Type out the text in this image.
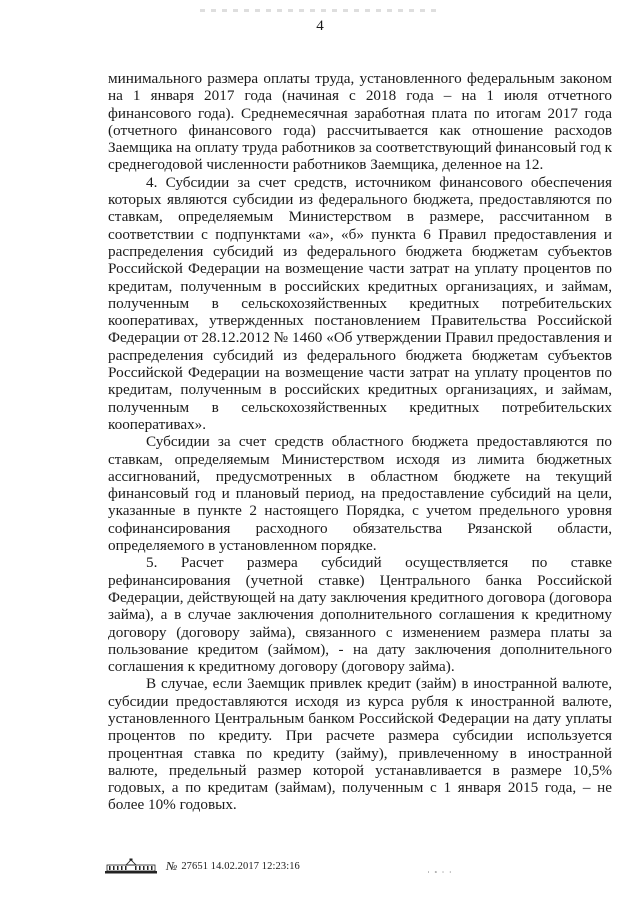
4

минимального размера оплаты труда, установленного федеральным законом на 1 января 2017 года (начиная с 2018 года – на 1 июля отчетного финансового года). Среднемесячная заработная плата по итогам 2017 года (отчетного финансового года) рассчитывается как отношение расходов Заемщика на оплату труда работников за соответствующий финансовый год к среднегодовой численности работников Заемщика, деленное на 12.

4. Субсидии за счет средств, источником финансового обеспечения которых являются субсидии из федерального бюджета, предоставляются по ставкам, определяемым Министерством в размере, рассчитанном в соответствии с подпунктами «а», «б» пункта 6 Правил предоставления и распределения субсидий из федерального бюджета бюджетам субъектов Российской Федерации на возмещение части затрат на уплату процентов по кредитам, полученным в российских кредитных организациях, и займам, полученным в сельскохозяйственных кредитных потребительских кооперативах, утвержденных постановлением Правительства Российской Федерации от 28.12.2012 № 1460 «Об утверждении Правил предоставления и распределения субсидий из федерального бюджета бюджетам субъектов Российской Федерации на возмещение части затрат на уплату процентов по кредитам, полученным в российских кредитных организациях, и займам, полученным в сельскохозяйственных кредитных потребительских кооперативах».

Субсидии за счет средств областного бюджета предоставляются по ставкам, определяемым Министерством исходя из лимита бюджетных ассигнований, предусмотренных в областном бюджете на текущий финансовый год и плановый период, на предоставление субсидий на цели, указанные в пункте 2 настоящего Порядка, с учетом предельного уровня софинансирования расходного обязательства Рязанской области, определяемого в установленном порядке.

5. Расчет размера субсидий осуществляется по ставке рефинансирования (учетной ставке) Центрального банка Российской Федерации, действующей на дату заключения кредитного договора (договора займа), а в случае заключения дополнительного соглашения к кредитному договору (договору займа), связанного с изменением размера платы за пользование кредитом (займом), - на дату заключения дополнительного соглашения к кредитному договору (договору займа).

В случае, если Заемщик привлек кредит (займ) в иностранной валюте, субсидии предоставляются исходя из курса рубля к иностранной валюте, установленного Центральным банком Российской Федерации на дату уплаты процентов по кредиту. При расчете размера субсидии используется процентная ставка по кредиту (займу), привлеченному в иностранной валюте, предельный размер которой устанавливается в размере 10,5% годовых, а по кредитам (займам), полученным с 1 января 2015 года, – не более 10% годовых.

№ 27651 14.02.2017 12:23:16
˙ ˚ ˙ ˙
